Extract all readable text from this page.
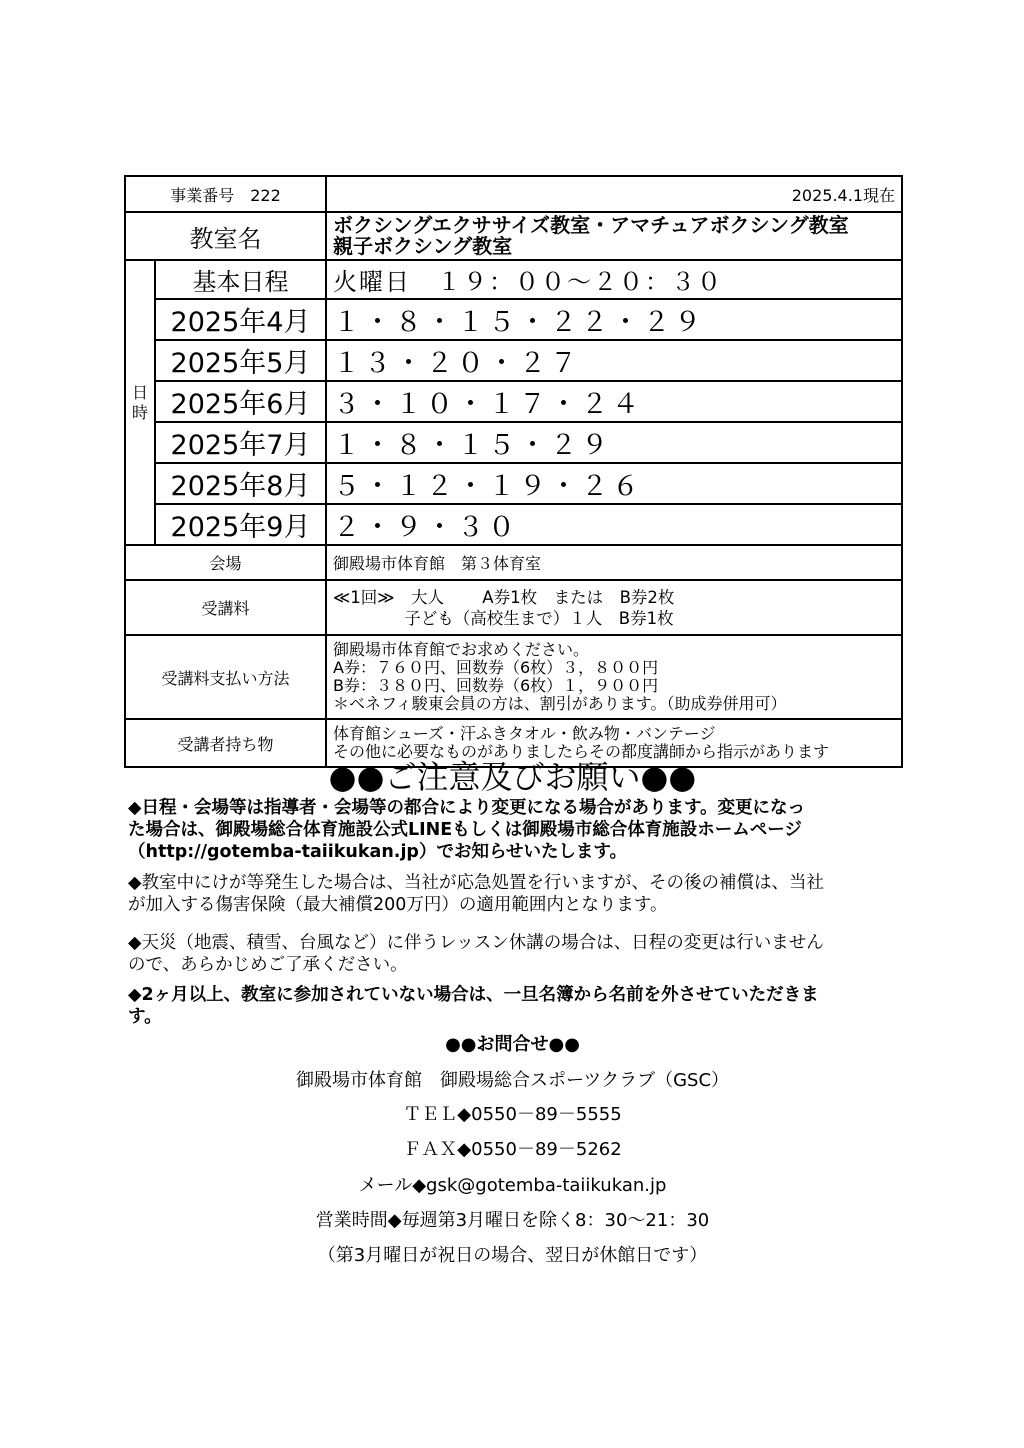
事業番号　222		2025.4.1現在
教室名		ボクシングエクササイズ教室・アマチュアボクシング教室
親子ボクシング教室

日
時	基本日程	火曜日　１９：００～２０：３０
	2025年4月	１・８・１５・２２・２９
	2025年5月	１３・２０・２７
	2025年6月	３・１０・１７・２４
	2025年7月	１・８・１５・２９
	2025年8月	５・１２・１９・２６
	2025年9月	２・９・３０
会場		御殿場市体育館　第３体育室
受講料		≪1回≫　大人　　 A券1枚　または　B券2枚
　　　　 子ども（高校生まで）１人　B券1枚

受講料支払い方法		御殿場市体育館でお求めください。
A券：７６０円、回数券（6枚）３，８００円
B券：３８０円、回数券（6枚）１，９００円
＊ベネフィ駿東会員の方は、割引があります。（助成券併用可）

受講者持ち物		体育館シューズ・汗ふきタオル・飲み物・バンテージ
その他に必要なものがありましたらその都度講師から指示があります
●●ご注意及びお願い●●
◆日程・会場等は指導者・会場等の都合により変更になる場合があります。変更になっ
た場合は、御殿場総合体育施設公式LINEもしくは御殿場市総合体育施設ホームページ
（http://gotemba-taiikukan.jp）でお知らせいたします。
◆教室中にけが等発生した場合は、当社が応急処置を行いますが、その後の補償は、当社
が加入する傷害保険（最大補償200万円）の適用範囲内となります。
◆天災（地震、積雪、台風など）に伴うレッスン休講の場合は、日程の変更は行いません
ので、あらかじめご了承ください。
◆2ヶ月以上、教室に参加されていない場合は、一旦名簿から名前を外させていただきま
す。
●●お問合せ●●
御殿場市体育館　御殿場総合スポーツクラブ（GSC）
ＴＥＬ◆0550－89－5555
ＦＡＸ◆0550－89－5262
メール◆gsk@gotemba-taiikukan.jp
営業時間◆毎週第3月曜日を除く8：30～21：30
（第3月曜日が祝日の場合、翌日が休館日です）
